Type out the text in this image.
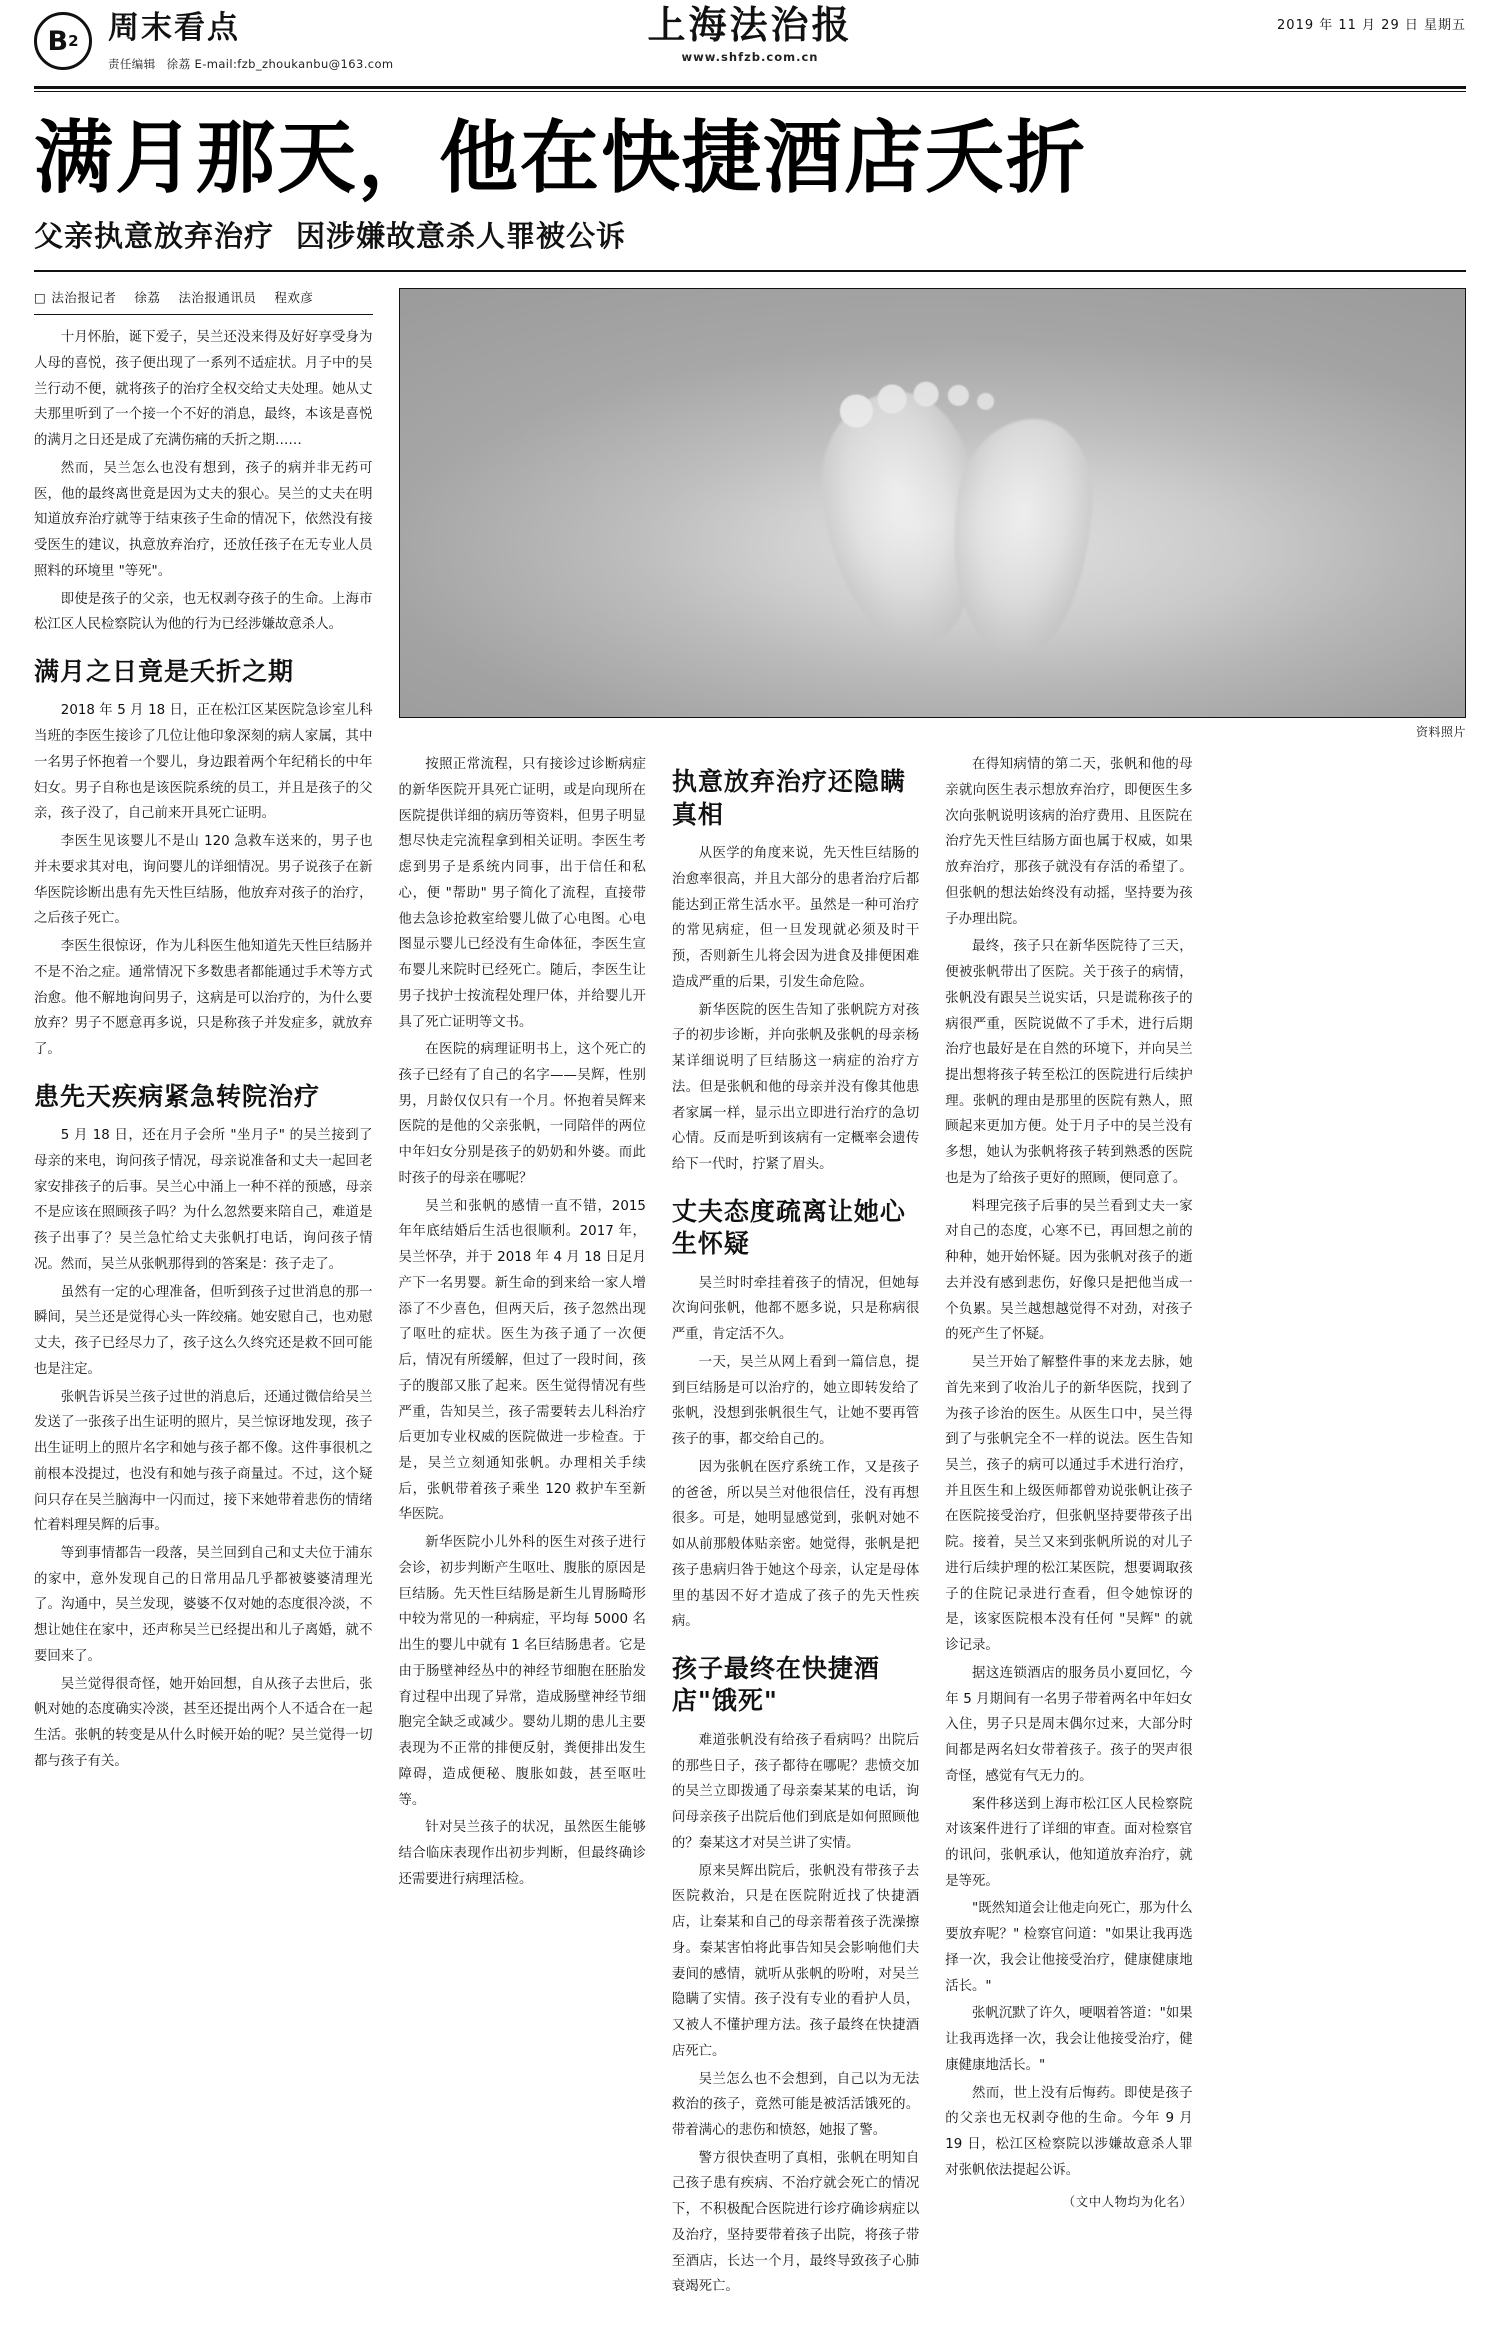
B 2 周末看点
责任编辑 徐荔 E-mail:fzb_zhoukanbu@163.com
上海法治报
www.shfzb.com.cn
2019 年 11 月 29 日 星期五
满月那天，他在快捷酒店夭折
父亲执意放弃治疗 因涉嫌故意杀人罪被公诉
□ 法治报记者 徐荔 法治报通讯员 程欢彦

十月怀胎，诞下爱子，吴兰还没来得及好好享受身为人母的喜悦，孩子便出现了一系列不适症状。月子中的吴兰行动不便，就将孩子的治疗全权交给丈夫处理。她从丈夫那里听到了一个接一个不好的消息，最终，本该是喜悦的满月之日还是成了充满伤痛的夭折之期……

然而，吴兰怎么也没有想到，孩子的病并非无药可医，他的最终离世竟是因为丈夫的狠心。吴兰的丈夫在明知道放弃治疗就等于结束孩子生命的情况下，依然没有接受医生的建议，执意放弃治疗，还放任孩子在无专业人员照料的环境里 "等死"。

即使是孩子的父亲，也无权剥夺孩子的生命。上海市松江区人民检察院认为他的行为已经涉嫌故意杀人。

满月之日竟是夭折之期

2018 年 5 月 18 日，正在松江区某医院急诊室儿科当班的李医生接诊了几位让他印象深刻的病人家属，其中一名男子怀抱着一个婴儿，身边跟着两个年纪稍长的中年妇女。男子自称也是该医院系统的员工，并且是孩子的父亲，孩子没了，自己前来开具死亡证明。

李医生见该婴儿不是山 120 急救车送来的，男子也并未要求其对电，询问婴儿的详细情况。男子说孩子在新华医院诊断出患有先天性巨结肠，他放弃对孩子的治疗，之后孩子死亡。

李医生很惊讶，作为儿科医生他知道先天性巨结肠并不是不治之症。通常情况下多数患者都能通过手术等方式治愈。他不解地询问男子，这病是可以治疗的，为什么要放弃？男子不愿意再多说，只是称孩子并发症多，就放弃了。

患先天疾病紧急转院治疗

5 月 18 日，还在月子会所 "坐月子" 的吴兰接到了母亲的来电，询问孩子情况，母亲说准备和丈夫一起回老家安排孩子的后事。吴兰心中涌上一种不祥的预感，母亲不是应该在照顾孩子吗？为什么忽然要来陪自己，难道是孩子出事了？吴兰急忙给丈夫张帆打电话，询问孩子情况。然而，吴兰从张帆那得到的答案是：孩子走了。

虽然有一定的心理准备，但听到孩子过世消息的那一瞬间，吴兰还是觉得心头一阵绞痛。她安慰自己，也劝慰丈夫，孩子已经尽力了，孩子这么久终究还是救不回可能也是注定。

张帆告诉吴兰孩子过世的消息后，还通过微信给吴兰发送了一张孩子出生证明的照片，吴兰惊讶地发现，孩子出生证明上的照片名字和她与孩子都不像。这件事很机之前根本没提过，也没有和她与孩子商量过。不过，这个疑问只存在吴兰脑海中一闪而过，接下来她带着悲伤的情绪忙着料理吴辉的后事。

等到事情都告一段落，吴兰回到自己和丈夫位于浦东的家中，意外发现自己的日常用品几乎都被婆婆清理光了。沟通中，吴兰发现，婆婆不仅对她的态度很冷淡，不想让她住在家中，还声称吴兰已经提出和儿子离婚，就不要回来了。

吴兰觉得很奇怪，她开始回想，自从孩子去世后，张帆对她的态度确实冷淡，甚至还提出两个人不适合在一起生活。张帆的转变是从什么时候开始的呢？吴兰觉得一切都与孩子有关。

资料照片

按照正常流程，只有接诊过诊断病症的新华医院开具死亡证明，或是向现所在医院提供详细的病历等资料，但男子明显想尽快走完流程拿到相关证明。李医生考虑到男子是系统内同事，出于信任和私心，便 "帮助" 男子简化了流程，直接带他去急诊抢救室给婴儿做了心电图。心电图显示婴儿已经没有生命体征，李医生宣布婴儿来院时已经死亡。随后，李医生让男子找护士按流程处理尸体，并给婴儿开具了死亡证明等文书。

在医院的病理证明书上，这个死亡的孩子已经有了自己的名字——吴辉，性别男，月龄仅仅只有一个月。怀抱着吴辉来医院的是他的父亲张帆，一同陪伴的两位中年妇女分别是孩子的奶奶和外婆。而此时孩子的母亲在哪呢？

吴兰和张帆的感情一直不错，2015 年年底结婚后生活也很顺利。2017 年，吴兰怀孕，并于 2018 年 4 月 18 日足月产下一名男婴。新生命的到来给一家人增添了不少喜色，但两天后，孩子忽然出现了呕吐的症状。医生为孩子通了一次便后，情况有所缓解，但过了一段时间，孩子的腹部又胀了起来。医生觉得情况有些严重，告知吴兰，孩子需要转去儿科治疗后更加专业权威的医院做进一步检查。于是，吴兰立刻通知张帆。办理相关手续后，张帆带着孩子乘坐 120 救护车至新华医院。

新华医院小儿外科的医生对孩子进行会诊，初步判断产生呕吐、腹胀的原因是巨结肠。先天性巨结肠是新生儿胃肠畸形中较为常见的一种病症，平均每 5000 名出生的婴儿中就有 1 名巨结肠患者。它是由于肠壁神经丛中的神经节细胞在胚胎发育过程中出现了异常，造成肠壁神经节细胞完全缺乏或减少。婴幼儿期的患儿主要表现为不正常的排便反射，粪便排出发生障碍，造成便秘、腹胀如鼓，甚至呕吐等。

针对吴兰孩子的状况，虽然医生能够结合临床表现作出初步判断，但最终确诊还需要进行病理活检。

执意放弃治疗还隐瞒真相

从医学的角度来说，先天性巨结肠的治愈率很高，并且大部分的患者治疗后都能达到正常生活水平。虽然是一种可治疗的常见病症，但一旦发现就必须及时干预，否则新生儿将会因为进食及排便困难造成严重的后果，引发生命危险。

新华医院的医生告知了张帆院方对孩子的初步诊断，并向张帆及张帆的母亲杨某详细说明了巨结肠这一病症的治疗方法。但是张帆和他的母亲并没有像其他患者家属一样，显示出立即进行治疗的急切心情。反而是听到该病有一定概率会遗传给下一代时，拧紧了眉头。

丈夫态度疏离让她心生怀疑

吴兰时时牵挂着孩子的情况，但她每次询问张帆，他都不愿多说，只是称病很严重，肯定活不久。

一天，吴兰从网上看到一篇信息，提到巨结肠是可以治疗的，她立即转发给了张帆，没想到张帆很生气，让她不要再管孩子的事，都交给自己的。

因为张帆在医疗系统工作，又是孩子的爸爸，所以吴兰对他很信任，没有再想很多。可是，她明显感觉到，张帆对她不如从前那般体贴亲密。她觉得，张帆是把孩子患病归咎于她这个母亲，认定是母体里的基因不好才造成了孩子的先天性疾病。

孩子最终在快捷酒店"饿死"

难道张帆没有给孩子看病吗？出院后的那些日子，孩子都待在哪呢？悲愤交加的吴兰立即拨通了母亲秦某某的电话，询问母亲孩子出院后他们到底是如何照顾他的？秦某这才对吴兰讲了实情。

原来吴辉出院后，张帆没有带孩子去医院救治，只是在医院附近找了快捷酒店，让秦某和自己的母亲帮着孩子洗澡擦身。秦某害怕将此事告知吴会影响他们夫妻间的感情，就听从张帆的吩咐，对吴兰隐瞒了实情。孩子没有专业的看护人员，又被人不懂护理方法。孩子最终在快捷酒店死亡。

吴兰怎么也不会想到，自己以为无法救治的孩子，竟然可能是被活活饿死的。带着满心的悲伤和愤怒，她报了警。

警方很快查明了真相，张帆在明知自己孩子患有疾病、不治疗就会死亡的情况下，不积极配合医院进行诊疗确诊病症以及治疗，坚持要带着孩子出院，将孩子带至酒店，长达一个月，最终导致孩子心肺衰竭死亡。

在得知病情的第二天，张帆和他的母亲就向医生表示想放弃治疗，即便医生多次向张帆说明该病的治疗费用、且医院在治疗先天性巨结肠方面也属于权威，如果放弃治疗，那孩子就没有存活的希望了。但张帆的想法始终没有动摇，坚持要为孩子办理出院。

最终，孩子只在新华医院待了三天，便被张帆带出了医院。关于孩子的病情，张帆没有跟吴兰说实话，只是谎称孩子的病很严重，医院说做不了手术，进行后期治疗也最好是在自然的环境下，并向吴兰提出想将孩子转至松江的医院进行后续护理。张帆的理由是那里的医院有熟人，照顾起来更加方便。处于月子中的吴兰没有多想，她认为张帆将孩子转到熟悉的医院也是为了给孩子更好的照顾，便同意了。

料理完孩子后事的吴兰看到丈夫一家对自己的态度，心寒不已，再回想之前的种种，她开始怀疑。因为张帆对孩子的逝去并没有感到悲伤，好像只是把他当成一个负累。吴兰越想越觉得不对劲，对孩子的死产生了怀疑。

吴兰开始了解整件事的来龙去脉，她首先来到了收治儿子的新华医院，找到了为孩子诊治的医生。从医生口中，吴兰得到了与张帆完全不一样的说法。医生告知吴兰，孩子的病可以通过手术进行治疗，并且医生和上级医师都曾劝说张帆让孩子在医院接受治疗，但张帆坚持要带孩子出院。接着，吴兰又来到张帆所说的对儿子进行后续护理的松江某医院，想要调取孩子的住院记录进行查看，但令她惊讶的是，该家医院根本没有任何 "吴辉" 的就诊记录。

据这连锁酒店的服务员小夏回忆，今年 5 月期间有一名男子带着两名中年妇女入住，男子只是周末偶尔过来，大部分时间都是两名妇女带着孩子。孩子的哭声很奇怪，感觉有气无力的。

案件移送到上海市松江区人民检察院对该案件进行了详细的审查。面对检察官的讯问，张帆承认，他知道放弃治疗，就是等死。

"既然知道会让他走向死亡，那为什么要放弃呢？" 检察官问道："如果让我再选择一次，我会让他接受治疗，健康健康地活长。"

张帆沉默了许久，哽咽着答道："如果让我再选择一次，我会让他接受治疗，健康健康地活长。"

然而，世上没有后悔药。即使是孩子的父亲也无权剥夺他的生命。今年 9 月 19 日，松江区检察院以涉嫌故意杀人罪对张帆依法提起公诉。

（文中人物均为化名）
